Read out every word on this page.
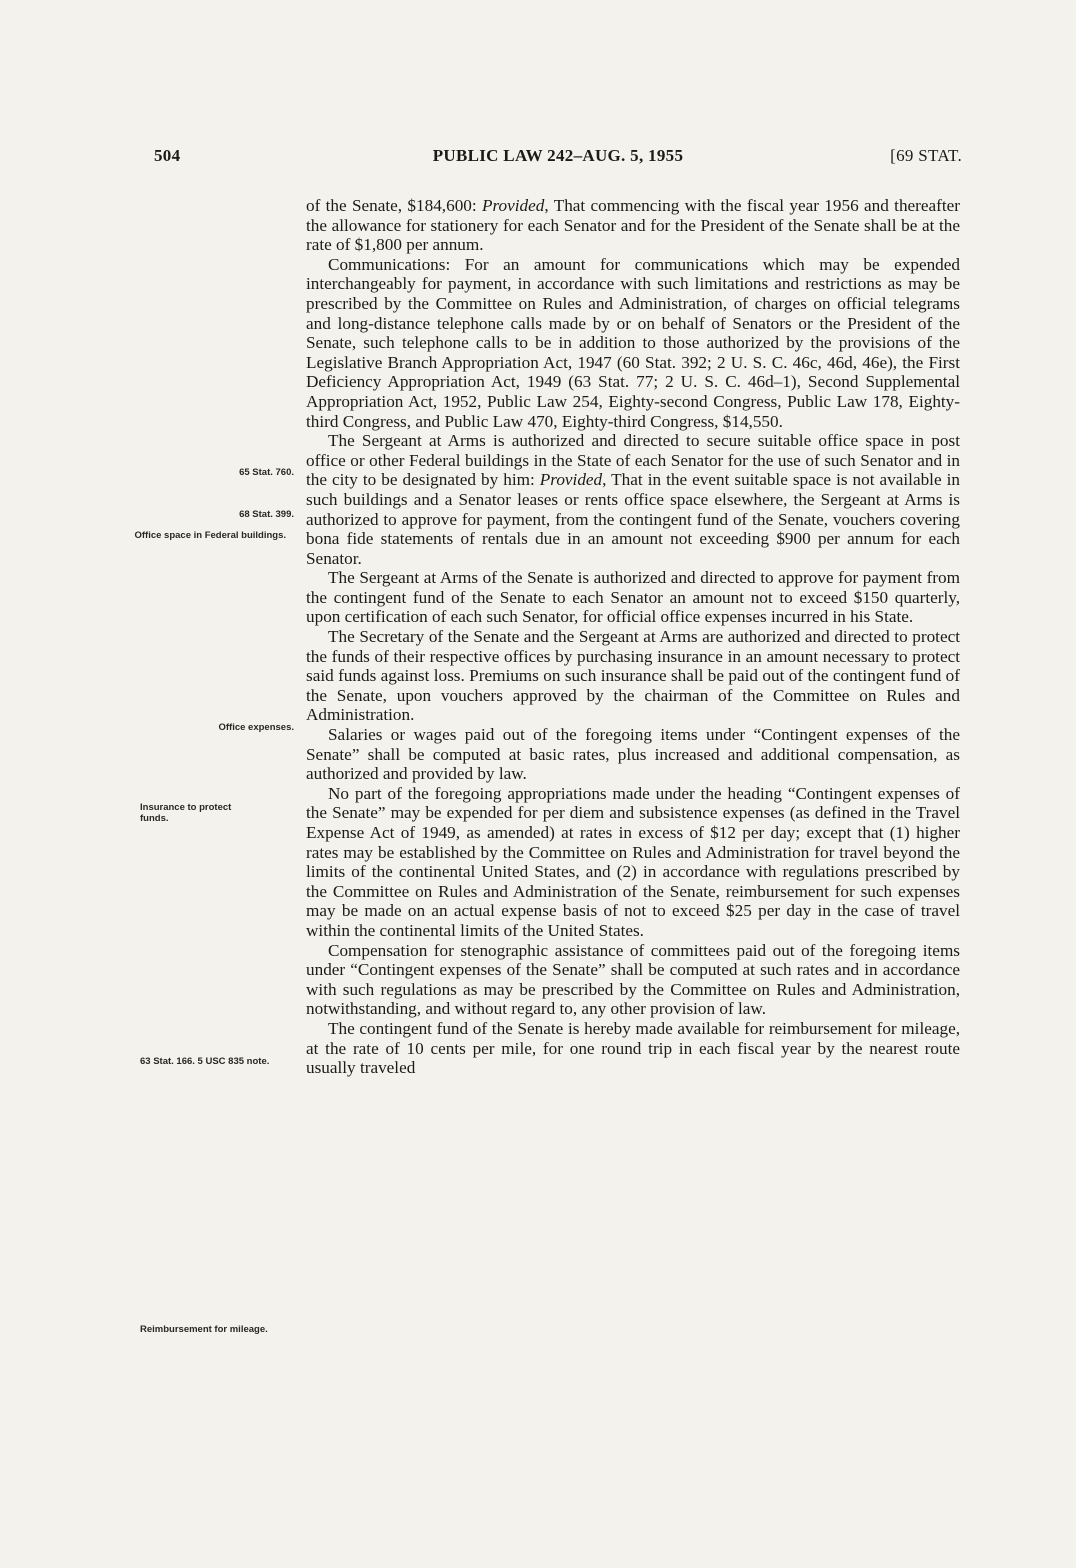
504	PUBLIC LAW 242–AUG. 5, 1955	[69 STAT.
65 Stat. 760.
68 Stat. 399.
Office space in Federal buildings.
Office expenses.
Insurance to protect funds.
63 Stat. 166. 5 USC 835 note.
Reimbursement for mileage.

of the Senate, $184,600: Provided, That commencing with the fiscal year 1956 and thereafter the allowance for stationery for each Senator and for the President of the Senate shall be at the rate of $1,800 per annum.

Communications: For an amount for communications which may be expended interchangeably for payment, in accordance with such limitations and restrictions as may be prescribed by the Committee on Rules and Administration, of charges on official telegrams and long-distance telephone calls made by or on behalf of Senators or the President of the Senate, such telephone calls to be in addition to those authorized by the provisions of the Legislative Branch Appropriation Act, 1947 (60 Stat. 392; 2 U. S. C. 46c, 46d, 46e), the First Deficiency Appropriation Act, 1949 (63 Stat. 77; 2 U. S. C. 46d–1), Second Supplemental Appropriation Act, 1952, Public Law 254, Eighty-second Congress, Public Law 178, Eighty-third Congress, and Public Law 470, Eighty-third Congress, $14,550.

The Sergeant at Arms is authorized and directed to secure suitable office space in post office or other Federal buildings in the State of each Senator for the use of such Senator and in the city to be designated by him: Provided, That in the event suitable space is not available in such buildings and a Senator leases or rents office space elsewhere, the Sergeant at Arms is authorized to approve for payment, from the contingent fund of the Senate, vouchers covering bona fide statements of rentals due in an amount not exceeding $900 per annum for each Senator.

The Sergeant at Arms of the Senate is authorized and directed to approve for payment from the contingent fund of the Senate to each Senator an amount not to exceed $150 quarterly, upon certification of each such Senator, for official office expenses incurred in his State.

The Secretary of the Senate and the Sergeant at Arms are authorized and directed to protect the funds of their respective offices by purchasing insurance in an amount necessary to protect said funds against loss. Premiums on such insurance shall be paid out of the contingent fund of the Senate, upon vouchers approved by the chairman of the Committee on Rules and Administration.

Salaries or wages paid out of the foregoing items under “Contingent expenses of the Senate” shall be computed at basic rates, plus increased and additional compensation, as authorized and provided by law.

No part of the foregoing appropriations made under the heading “Contingent expenses of the Senate” may be expended for per diem and subsistence expenses (as defined in the Travel Expense Act of 1949, as amended) at rates in excess of $12 per day; except that (1) higher rates may be established by the Committee on Rules and Administration for travel beyond the limits of the continental United States, and (2) in accordance with regulations prescribed by the Committee on Rules and Administration of the Senate, reimbursement for such expenses may be made on an actual expense basis of not to exceed $25 per day in the case of travel within the continental limits of the United States.

Compensation for stenographic assistance of committees paid out of the foregoing items under “Contingent expenses of the Senate” shall be computed at such rates and in accordance with such regulations as may be prescribed by the Committee on Rules and Administration, notwithstanding, and without regard to, any other provision of law.

The contingent fund of the Senate is hereby made available for reimbursement for mileage, at the rate of 10 cents per mile, for one round trip in each fiscal year by the nearest route usually traveled
